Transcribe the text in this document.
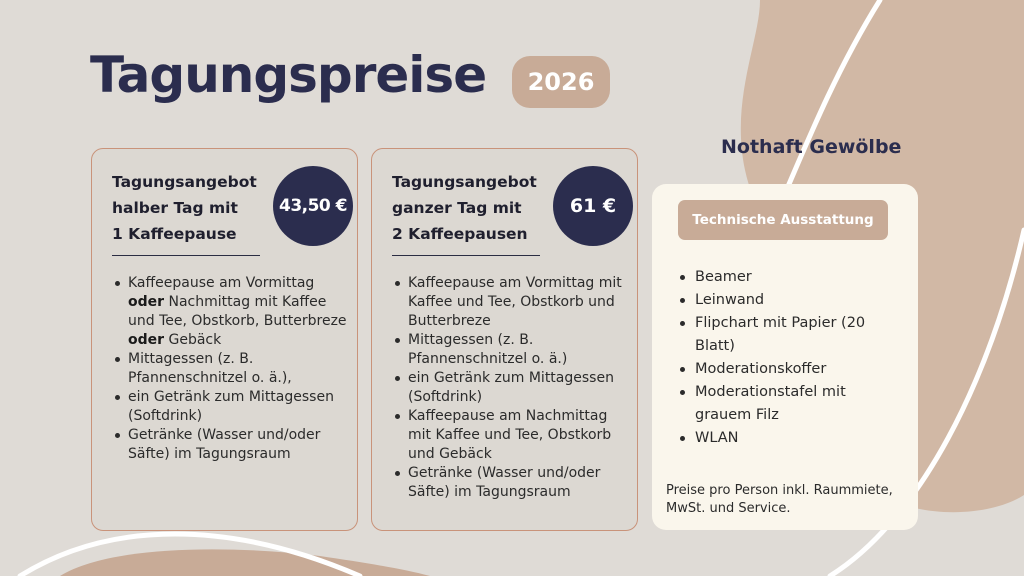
Tagungspreise	2026
Tagungsangebot
halber Tag mit
1 Kaffeepause
43,50 €
Kaffeepause am Vormittag oder Nachmittag mit Kaffee und Tee, Obstkorb, Butterbreze oder Gebäck
Mittagessen (z. B. Pfannenschnitzel o. ä.),
ein Getränk zum Mittagessen (Softdrink)
Getränke (Wasser und/oder Säfte) im Tagungsraum
Tagungsangebot
ganzer Tag mit
2 Kaffeepausen
61 €
Kaffeepause am Vormittag mit Kaffee und Tee, Obstkorb und Butterbreze
Mittagessen (z. B. Pfannenschnitzel o. ä.)
ein Getränk zum Mittagessen (Softdrink)
Kaffeepause am Nachmittag mit Kaffee und Tee, Obstkorb und Gebäck
Getränke (Wasser und/oder Säfte) im Tagungsraum
Nothaft Gewölbe
Technische Ausstattung
Beamer
Leinwand
Flipchart mit Papier (20 Blatt)
Moderationskoffer
Moderationstafel mit grauem Filz
WLAN
Preise pro Person inkl. Raummiete, MwSt. und Service.
